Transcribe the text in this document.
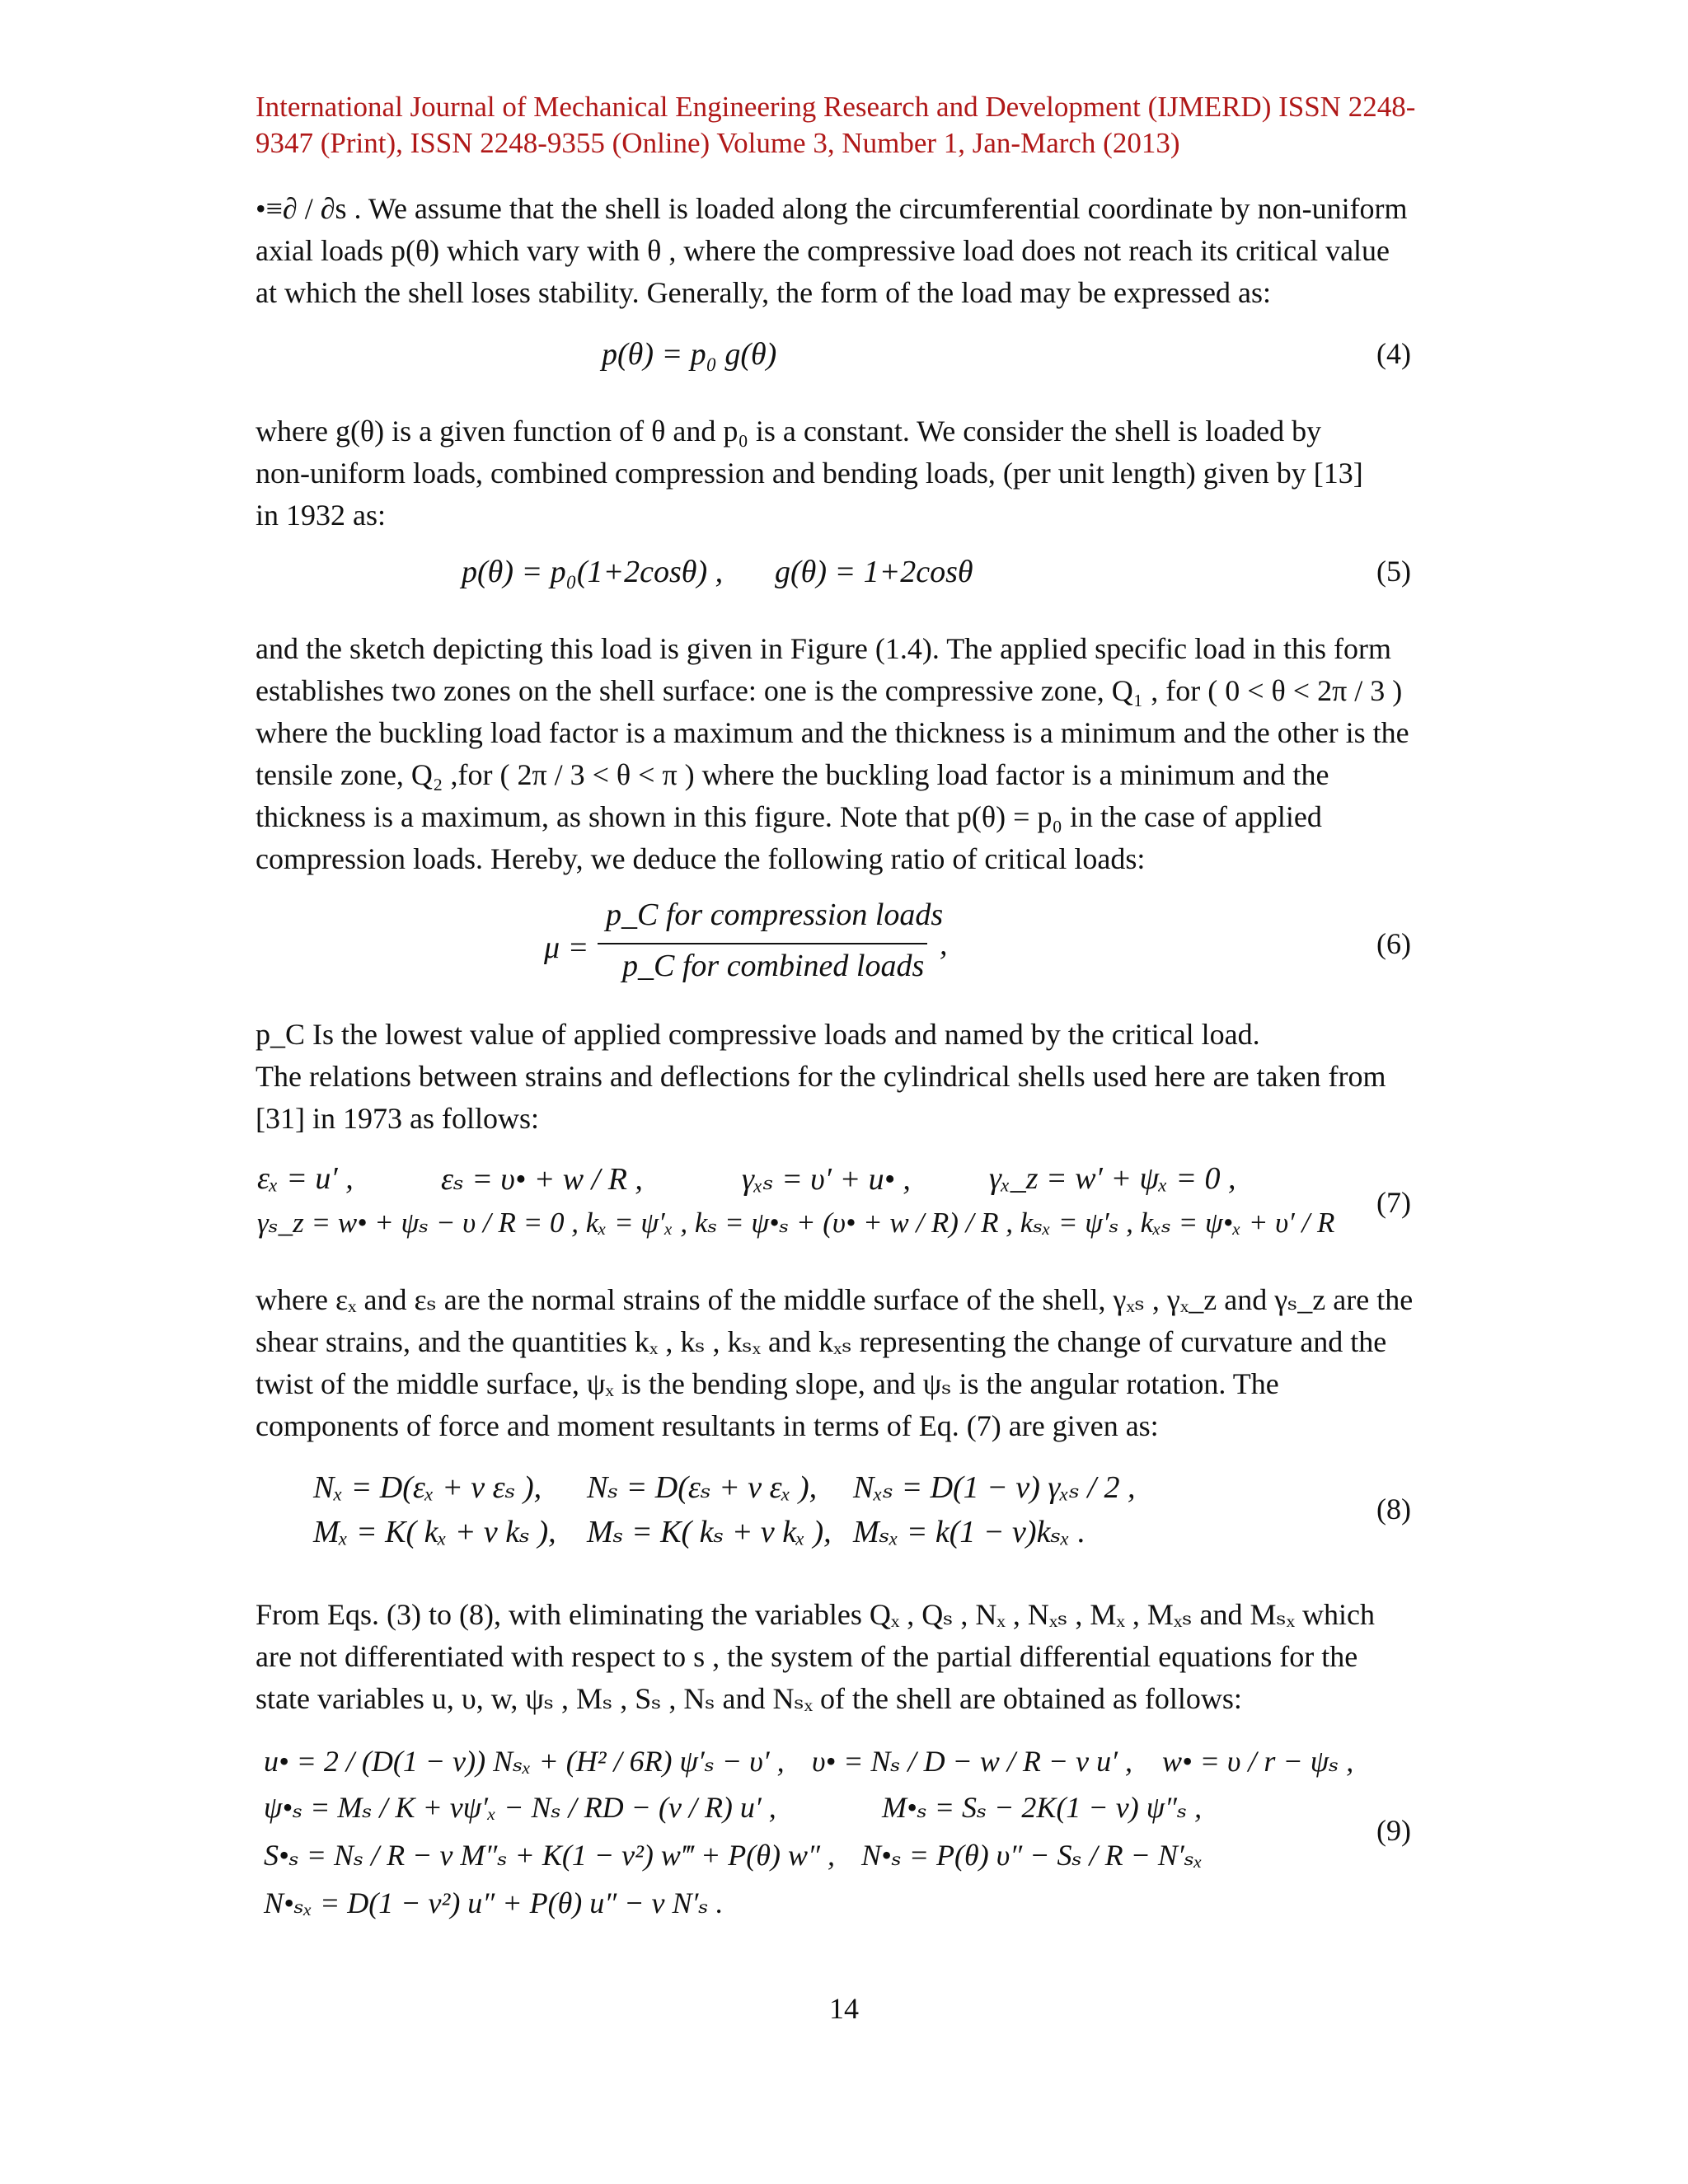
International Journal of Mechanical Engineering Research and Development (IJMERD) ISSN 2248-
9347 (Print), ISSN 2248-9355 (Online) Volume 3, Number 1, Jan-March (2013)
•≡∂ / ∂s . We assume that the shell is loaded along the circumferential coordinate by non-uniform
axial loads p(θ) which vary with θ , where the compressive load does not reach its critical value
at which the shell loses stability. Generally, the form of the load may be expressed as:
p(θ) = p₀ g(θ)	(4)
where g(θ) is a given function of θ and p₀ is a constant. We consider the shell is loaded by
non-uniform loads, combined compression and bending loads, (per unit length) given by [13]
in 1932 as:
p(θ) = p₀(1+2cosθ) , g(θ) = 1+2cosθ	(5)
and the sketch depicting this load is given in Figure (1.4). The applied specific load in this form
establishes two zones on the shell surface: one is the compressive zone, Q₁ , for ( 0 < θ < 2π / 3 )
where the buckling load factor is a maximum and the thickness is a minimum and the other is the
tensile zone, Q₂ ,for ( 2π / 3 < θ < π ) where the buckling load factor is a minimum and the
thickness is a maximum, as shown in this figure. Note that p(θ) = p₀ in the case of applied
compression loads. Hereby, we deduce the following ratio of critical loads:
μ =
p_C for compression loads
p_C for combined loads
,	(6)
p_C Is the lowest value of applied compressive loads and named by the critical load.
The relations between strains and deflections for the cylindrical shells used here are taken from
[31] in 1973 as follows:
εₓ = u′ ,	εₛ = υ• + w / R ,	γₓₛ = υ′ + u• ,	γₓ_z = w′ + ψₓ = 0 ,
γₛ_z = w• + ψₛ − υ / R = 0 , kₓ = ψ′ₓ , kₛ = ψ•ₛ + (υ• + w / R) / R , kₛₓ = ψ′ₛ , kₓₛ = ψ•ₓ + υ′ / R
(7)
where εₓ and εₛ are the normal strains of the middle surface of the shell, γₓₛ , γₓ_z and γₛ_z are the
shear strains, and the quantities kₓ , kₛ , kₛₓ and kₓₛ representing the change of curvature and the
twist of the middle surface, ψₓ is the bending slope, and ψₛ is the angular rotation. The
components of force and moment resultants in terms of Eq. (7) are given as:
Nₓ = D(εₓ + ν εₛ ), Nₛ = D(εₛ + ν εₓ ), Nₓₛ = D(1 − ν) γₓₛ / 2 ,
Mₓ = K( kₓ + ν kₛ ), Mₛ = K( kₛ + ν kₓ ), Mₛₓ = k(1 − ν)kₛₓ .
(8)
From Eqs. (3) to (8), with eliminating the variables Qₓ , Qₛ , Nₓ , Nₓₛ , Mₓ , Mₓₛ and Mₛₓ which
are not differentiated with respect to s , the system of the partial differential equations for the
state variables u, υ, w, ψₛ , Mₛ , Sₛ , Nₛ and Nₛₓ of the shell are obtained as follows:
u• = 2 / (D(1 − ν)) Nₛₓ + (H² / 6R) ψ′ₛ − υ′ , υ• = Nₛ / D − w / R − ν u′ , w• = υ / r − ψₛ ,
ψ•ₛ = Mₛ / K + νψ′ₓ − Nₛ / RD − (ν / R) u′ ,	M•ₛ = Sₛ − 2K(1 − ν) ψ″ₛ ,
S•ₛ = Nₛ / R − ν M″ₛ + K(1 − ν²) w‴ + P(θ) w″ , N•ₛ = P(θ) υ″ − Sₛ / R − N′ₛₓ
N•ₛₓ = D(1 − ν²) u″ + P(θ) u″ − ν N′ₛ .
(9)
14
